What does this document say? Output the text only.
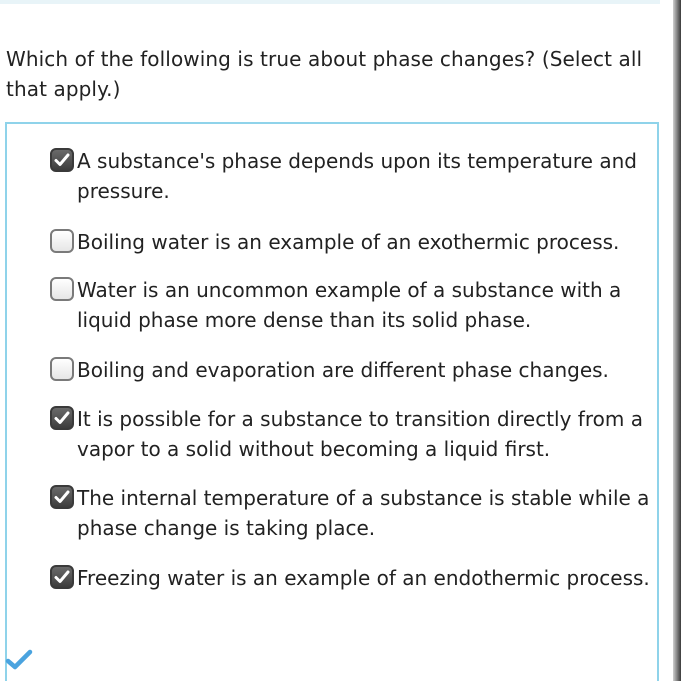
Which of the following is true about phase changes? (Select all that apply.)

A substance's phase depends upon its temperature and pressure.

Boiling water is an example of an exothermic process.

Water is an uncommon example of a substance with a liquid phase more dense than its solid phase.

Boiling and evaporation are different phase changes.

It is possible for a substance to transition directly from a vapor to a solid without becoming a liquid first.

The internal temperature of a substance is stable while a phase change is taking place.

Freezing water is an example of an endothermic process.
